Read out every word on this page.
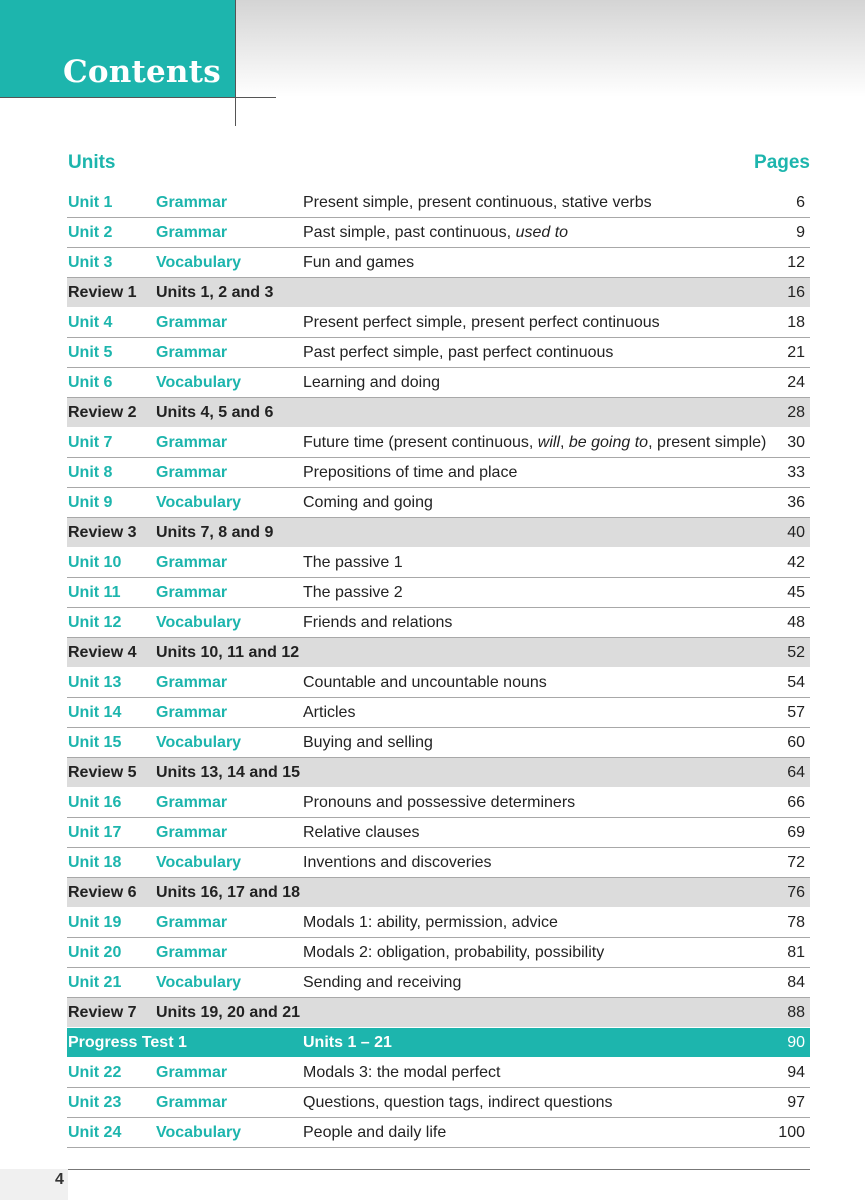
Contents
Units	Pages
Unit 1	Grammar	Present simple, present continuous, stative verbs	6
Unit 2	Grammar	Past simple, past continuous, used to	9
Unit 3	Vocabulary	Fun and games	12
Review 1 Units 1, 2 and 3	16
Unit 4	Grammar	Present perfect simple, present perfect continuous	18
Unit 5	Grammar	Past perfect simple, past perfect continuous	21
Unit 6	Vocabulary	Learning and doing	24
Review 2 Units 4, 5 and 6	28
Unit 7	Grammar	Future time (present continuous, will, be going to, present simple) 30
Unit 8	Grammar	Prepositions of time and place	33
Unit 9	Vocabulary	Coming and going	36
Review 3 Units 7, 8 and 9	40
Unit 10 Grammar	The passive 1	42
Unit 11 Grammar	The passive 2	45
Unit 12 Vocabulary	Friends and relations	48
Review 4 Units 10, 11 and 12	52
Unit 13 Grammar	Countable and uncountable nouns	54
Unit 14 Grammar	Articles	57
Unit 15 Vocabulary	Buying and selling	60
Review 5 Units 13, 14 and 15	64
Unit 16 Grammar	Pronouns and possessive determiners	66
Unit 17 Grammar	Relative clauses	69
Unit 18 Vocabulary	Inventions and discoveries	72
Review 6 Units 16, 17 and 18	76
Unit 19 Grammar	Modals 1: ability, permission, advice	78
Unit 20 Grammar	Modals 2: obligation, probability, possibility	81
Unit 21 Vocabulary	Sending and receiving	84
Review 7 Units 19, 20 and 21	88
Progress Test 1	Units 1 – 21	90
Unit 22 Grammar	Modals 3: the modal perfect	94
Unit 23 Grammar	Questions, question tags, indirect questions	97
Unit 24 Vocabulary	People and daily life	100
4
